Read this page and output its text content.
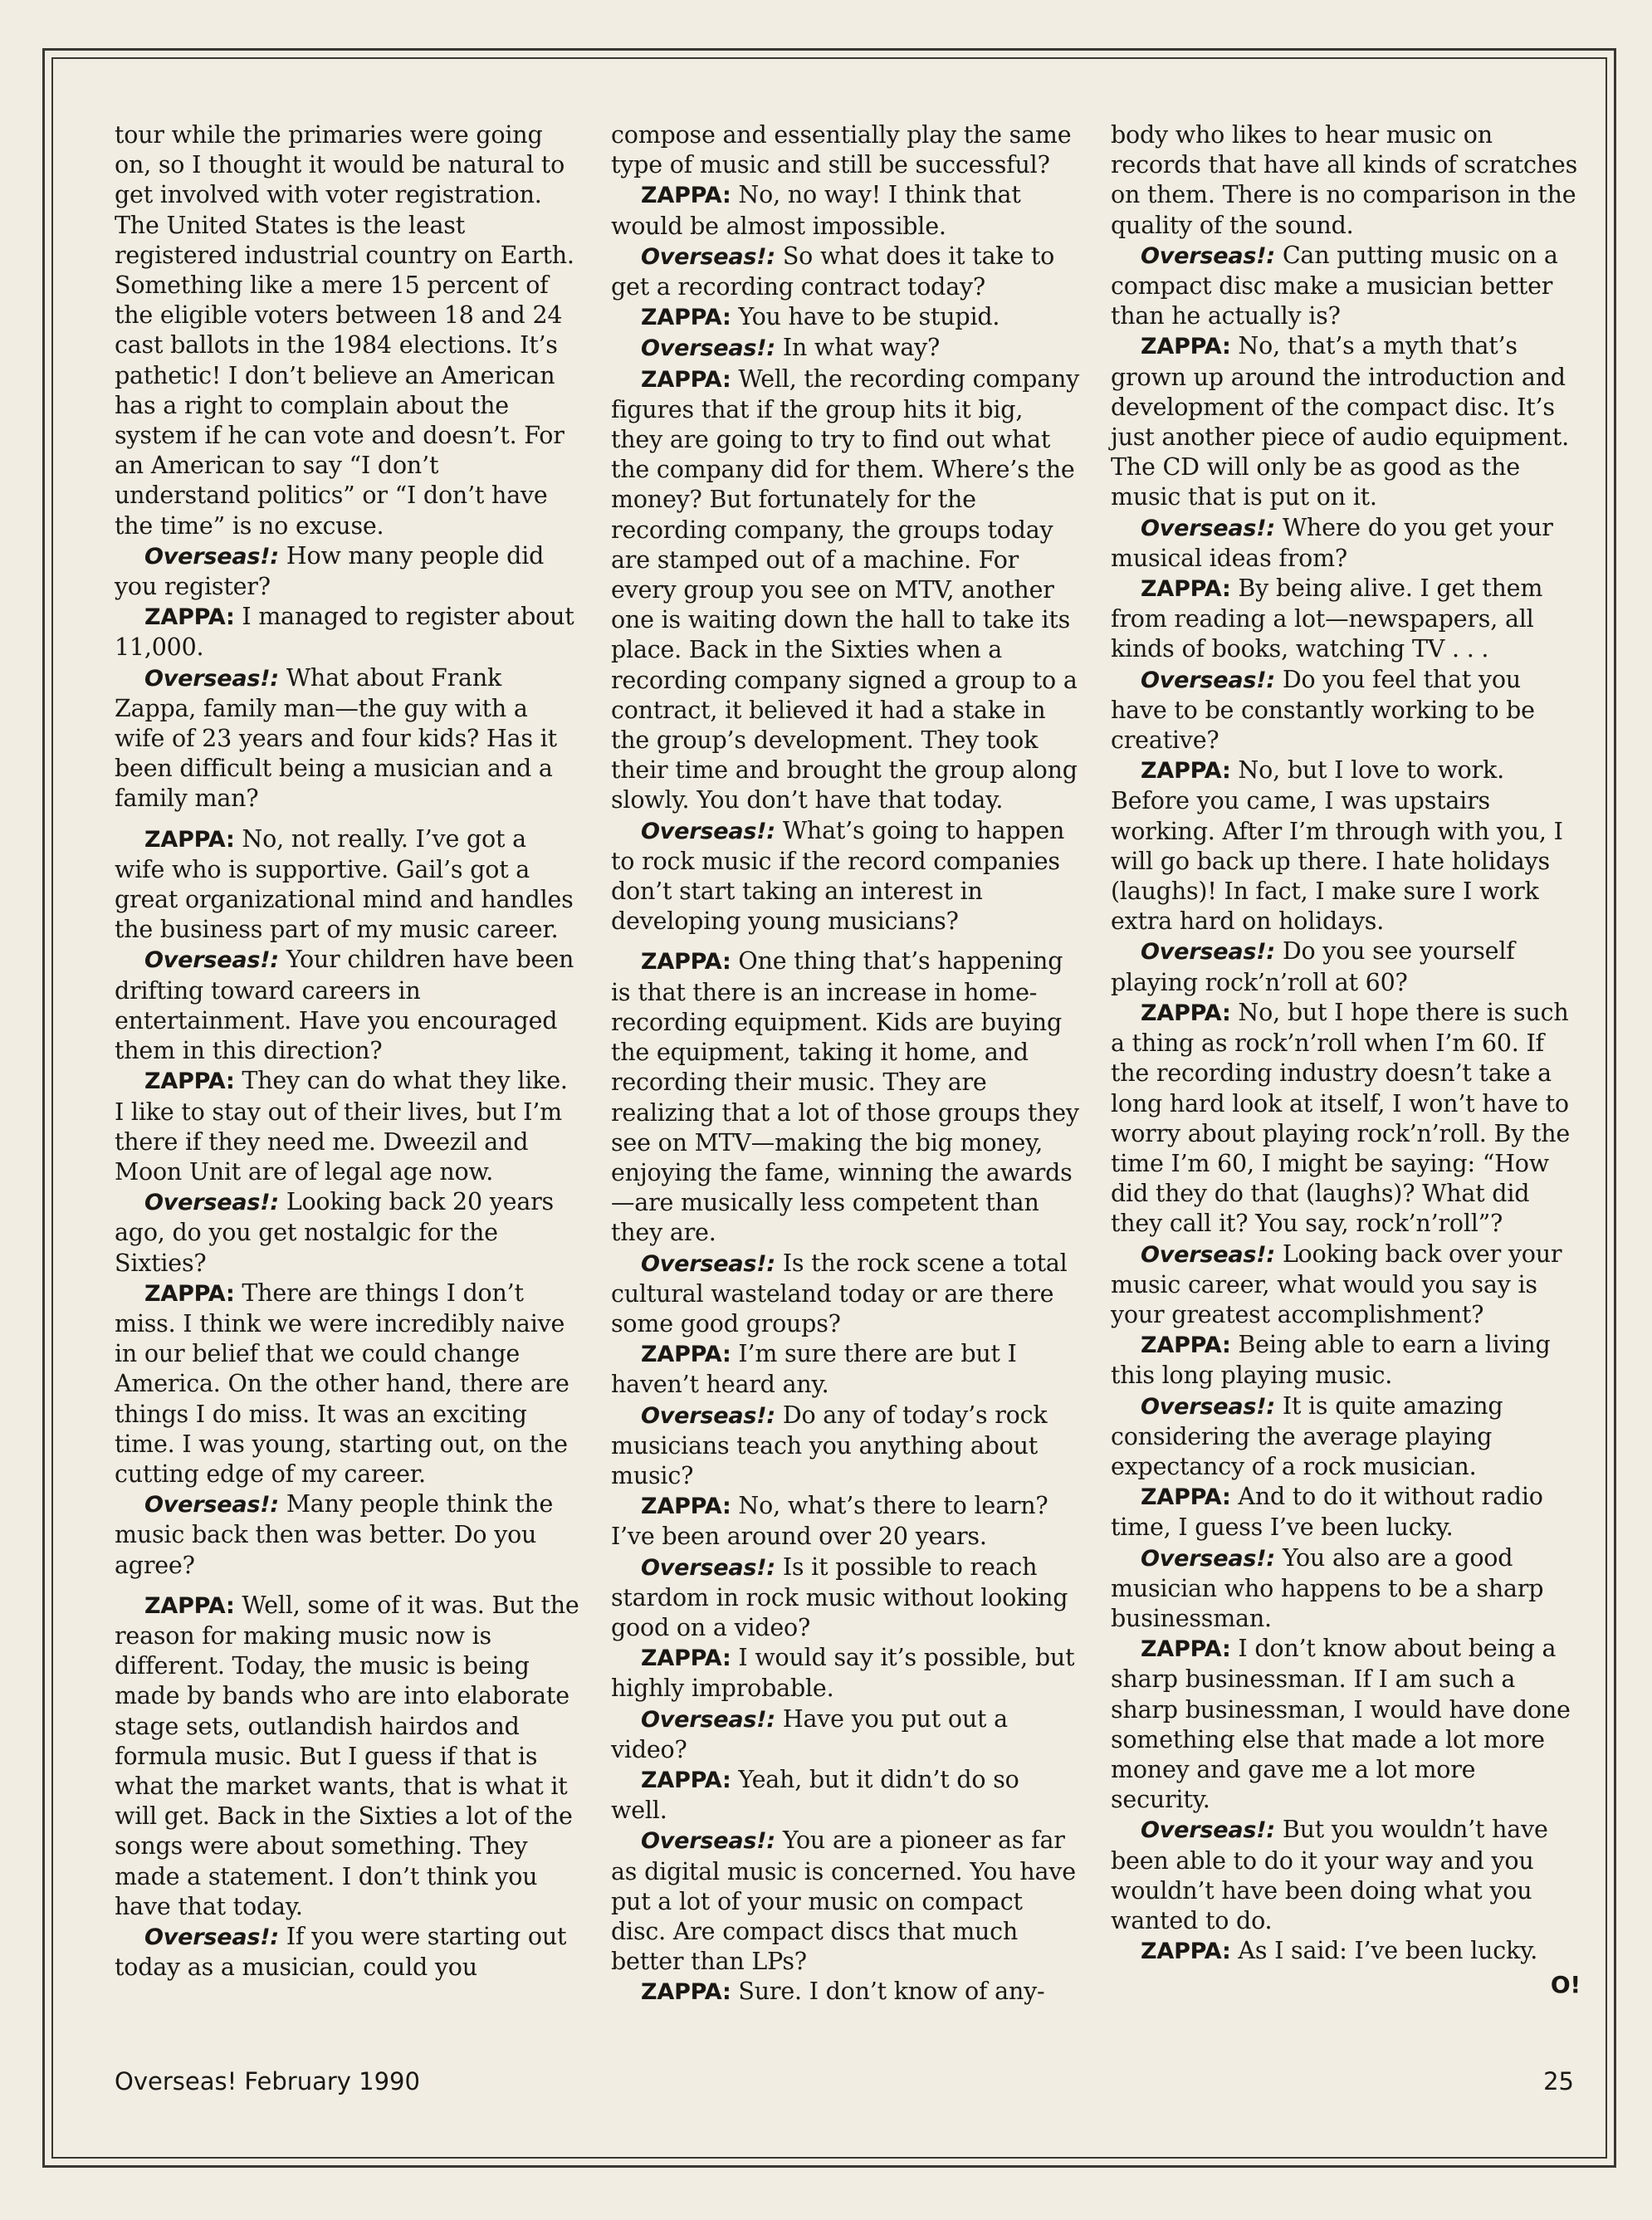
tour while the primaries were going on, so I thought it would be natural to get involved with voter registration. The United States is the least registered industrial country on Earth. Something like a mere 15 percent of the eligible voters between 18 and 24 cast ballots in the 1984 elections. It’s pathetic! I don’t believe an American has a right to complain about the system if he can vote and doesn’t. For an American to say “I don’t understand politics” or “I don’t have the time” is no excuse.

Overseas!: How many people did you register?

ZAPPA: I managed to register about 11,000.

Overseas!: What about Frank Zappa, family man—the guy with a wife of 23 years and four kids? Has it been difficult being a musician and a family man?

ZAPPA: No, not really. I’ve got a wife who is supportive. Gail’s got a great organizational mind and handles the business part of my music career.

Overseas!: Your children have been drifting toward careers in entertainment. Have you encouraged them in this direction?

ZAPPA: They can do what they like. I like to stay out of their lives, but I’m there if they need me. Dweezil and Moon Unit are of legal age now.

Overseas!: Looking back 20 years ago, do you get nostalgic for the Sixties?

ZAPPA: There are things I don’t miss. I think we were incredibly naive in our belief that we could change America. On the other hand, there are things I do miss. It was an exciting time. I was young, starting out, on the cutting edge of my career.

Overseas!: Many people think the music back then was better. Do you agree?

ZAPPA: Well, some of it was. But the reason for making music now is different. Today, the music is being made by bands who are into elaborate stage sets, outlandish hairdos and formula music. But I guess if that is what the market wants, that is what it will get. Back in the Sixties a lot of the songs were about something. They made a statement. I don’t think you have that today.

Overseas!: If you were starting out today as a musician, could you

compose and essentially play the same type of music and still be successful?

ZAPPA: No, no way! I think that would be almost impossible.

Overseas!: So what does it take to get a recording contract today?

ZAPPA: You have to be stupid.

Overseas!: In what way?

ZAPPA: Well, the recording company figures that if the group hits it big, they are going to try to find out what the company did for them. Where’s the money? But fortunately for the recording company, the groups today are stamped out of a machine. For every group you see on MTV, another one is waiting down the hall to take its place. Back in the Sixties when a recording company signed a group to a contract, it believed it had a stake in the group’s development. They took their time and brought the group along slowly. You don’t have that today.

Overseas!: What’s going to happen to rock music if the record companies don’t start taking an interest in developing young musicians?

ZAPPA: One thing that’s happening is that there is an increase in home-recording equipment. Kids are buying the equipment, taking it home, and recording their music. They are realizing that a lot of those groups they see on MTV—making the big money, enjoying the fame, winning the awards—are musically less competent than they are.

Overseas!: Is the rock scene a total cultural wasteland today or are there some good groups?

ZAPPA: I’m sure there are but I haven’t heard any.

Overseas!: Do any of today’s rock musicians teach you anything about music?

ZAPPA: No, what’s there to learn? I’ve been around over 20 years.

Overseas!: Is it possible to reach stardom in rock music without looking good on a video?

ZAPPA: I would say it’s possible, but highly improbable.

Overseas!: Have you put out a video?

ZAPPA: Yeah, but it didn’t do so well.

Overseas!: You are a pioneer as far as digital music is concerned. You have put a lot of your music on compact disc. Are compact discs that much better than LPs?

ZAPPA: Sure. I don’t know of any-

body who likes to hear music on records that have all kinds of scratches on them. There is no comparison in the quality of the sound.

Overseas!: Can putting music on a compact disc make a musician better than he actually is?

ZAPPA: No, that’s a myth that’s grown up around the introduction and development of the compact disc. It’s just another piece of audio equipment. The CD will only be as good as the music that is put on it.

Overseas!: Where do you get your musical ideas from?

ZAPPA: By being alive. I get them from reading a lot—newspapers, all kinds of books, watching TV . . .

Overseas!: Do you feel that you have to be constantly working to be creative?

ZAPPA: No, but I love to work. Before you came, I was upstairs working. After I’m through with you, I will go back up there. I hate holidays (laughs)! In fact, I make sure I work extra hard on holidays.

Overseas!: Do you see yourself playing rock’n’roll at 60?

ZAPPA: No, but I hope there is such a thing as rock’n’roll when I’m 60. If the recording industry doesn’t take a long hard look at itself, I won’t have to worry about playing rock’n’roll. By the time I’m 60, I might be saying: “How did they do that (laughs)? What did they call it? You say, rock’n’roll”?

Overseas!: Looking back over your music career, what would you say is your greatest accomplishment?

ZAPPA: Being able to earn a living this long playing music.

Overseas!: It is quite amazing considering the average playing expectancy of a rock musician.

ZAPPA: And to do it without radio time, I guess I’ve been lucky.

Overseas!: You also are a good musician who happens to be a sharp businessman.

ZAPPA: I don’t know about being a sharp businessman. If I am such a sharp businessman, I would have done something else that made a lot more money and gave me a lot more security.

Overseas!: But you wouldn’t have been able to do it your way and you wouldn’t have been doing what you wanted to do.

ZAPPA: As I said: I’ve been lucky.

O!
Overseas! February 1990	25
